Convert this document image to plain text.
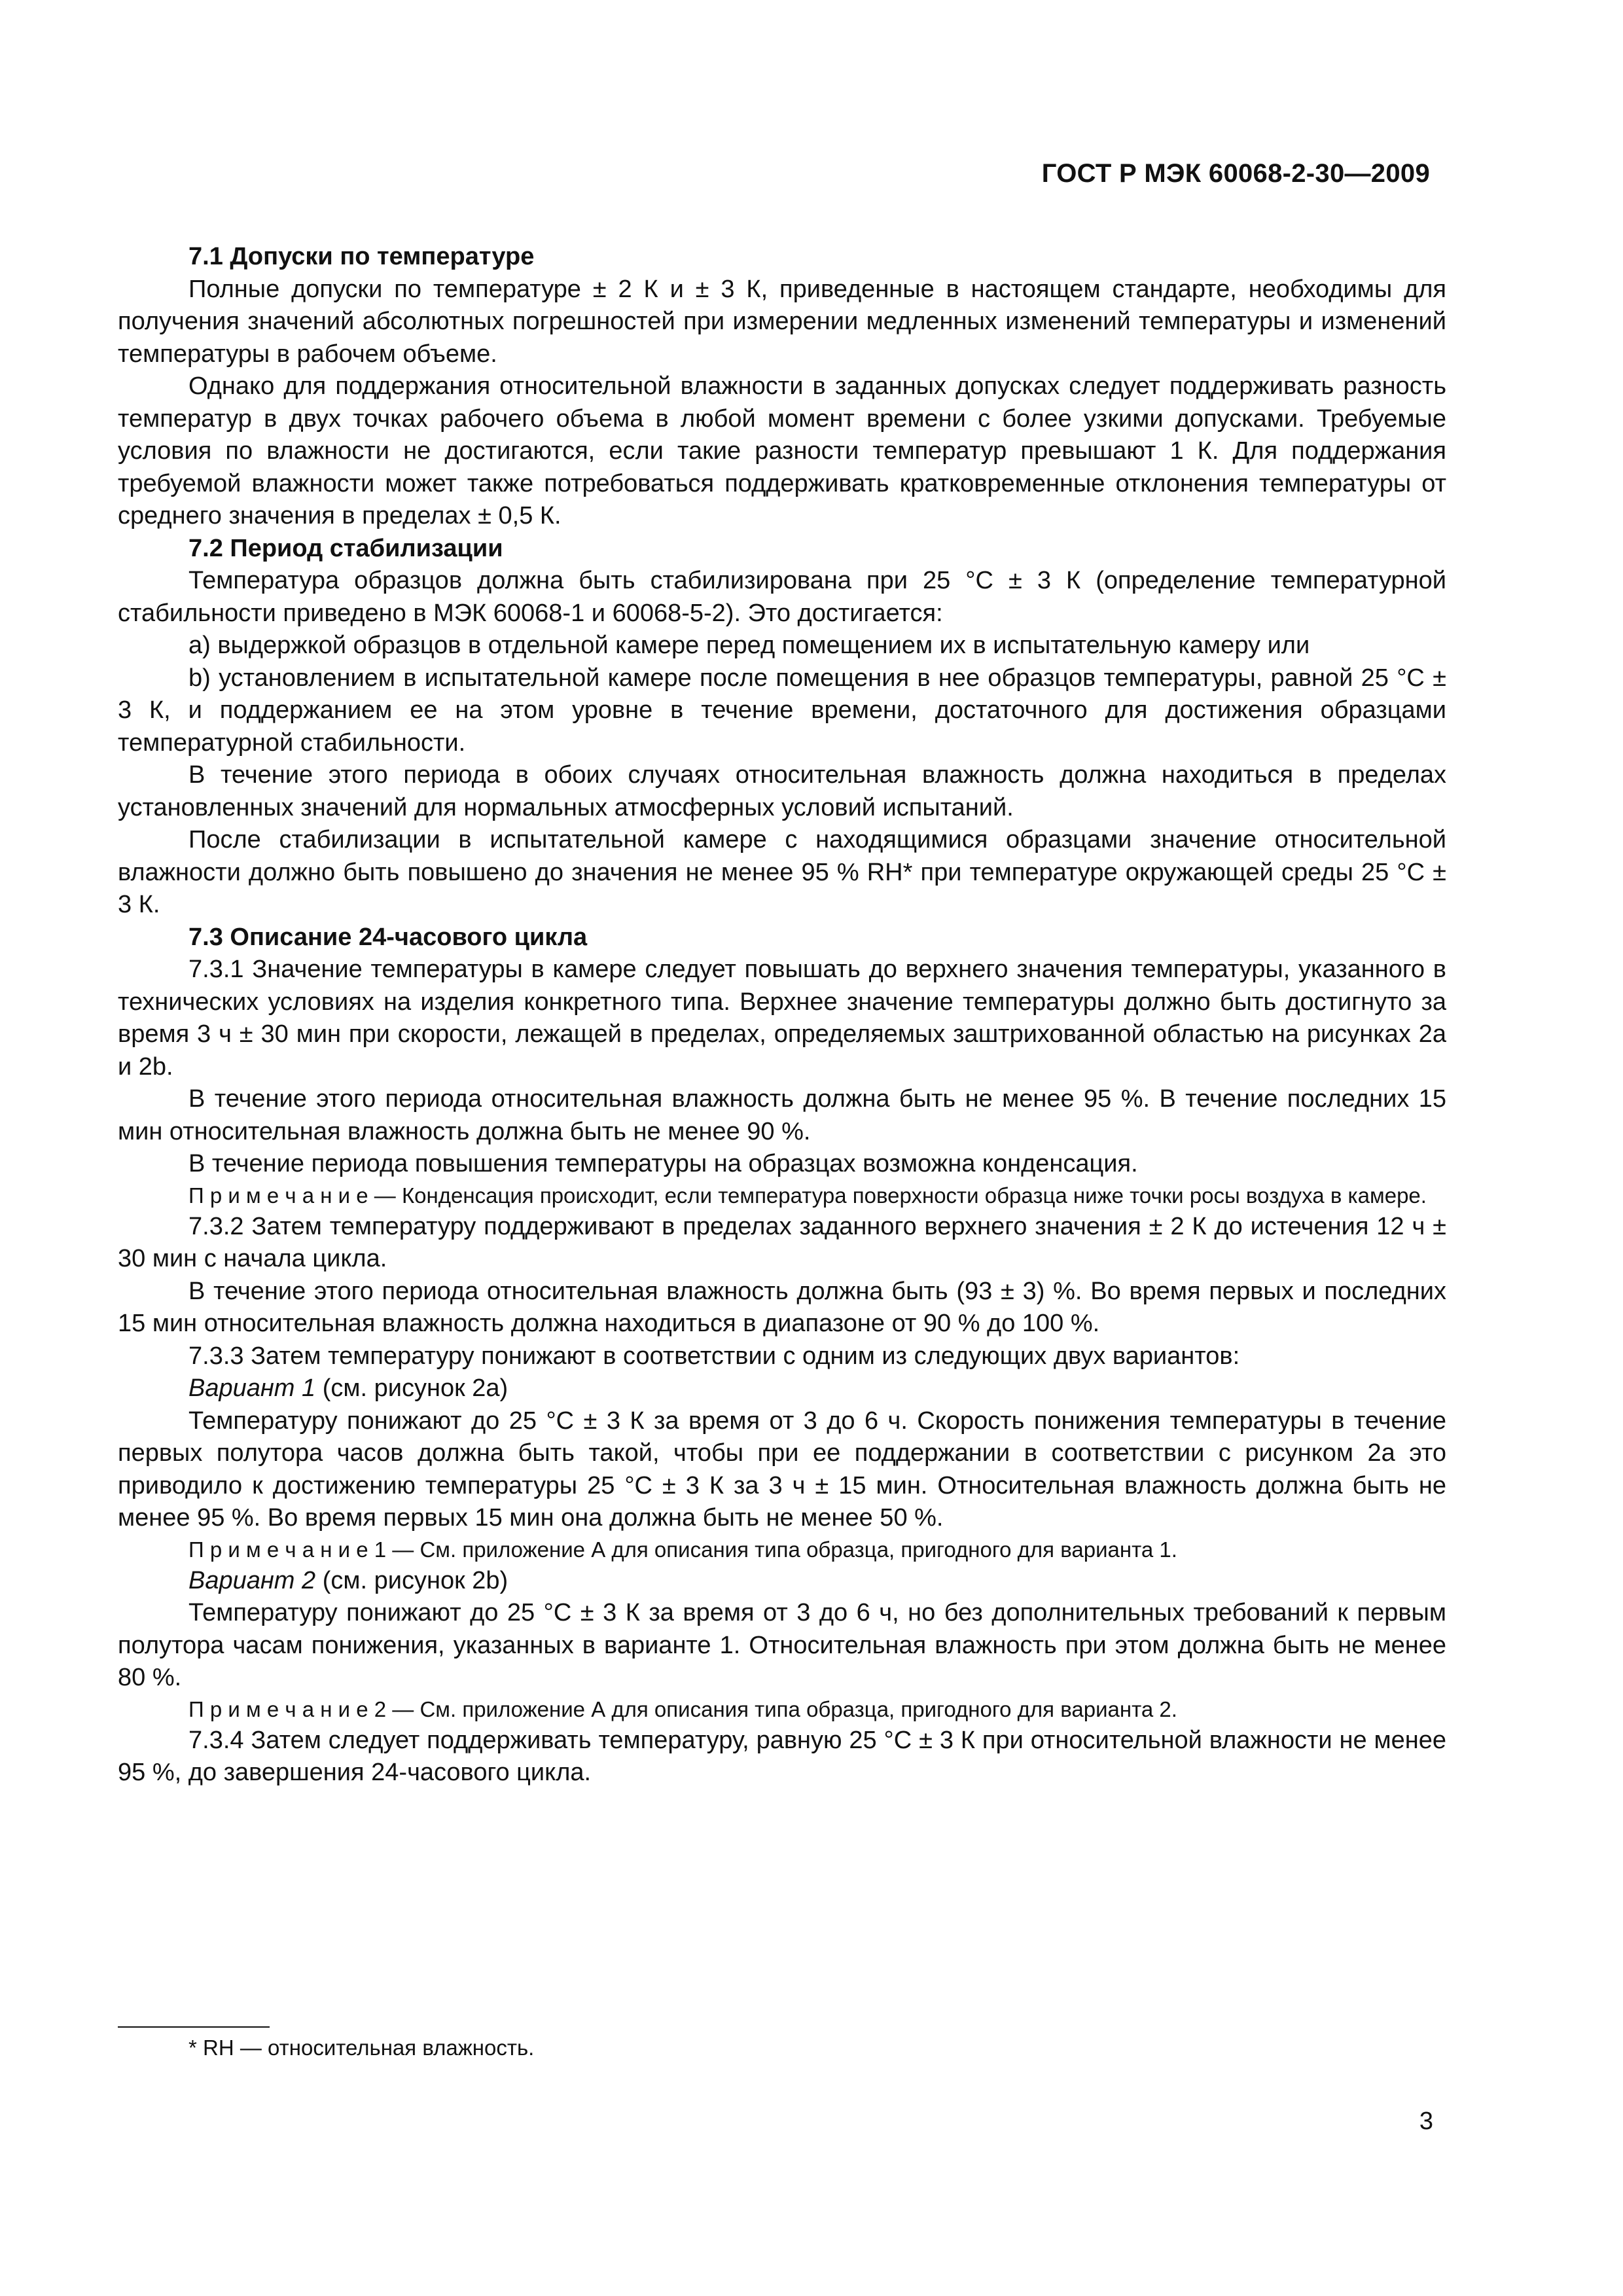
ГОСТ Р МЭК 60068-2-30—2009

7.1 Допуски по температуре

Полные допуски по температуре ± 2 К и ± 3 К, приведенные в настоящем стандарте, необходимы для получения значений абсолютных погрешностей при измерении медленных изменений температуры и изменений температуры в рабочем объеме.

Однако для поддержания относительной влажности в заданных допусках следует поддерживать разность температур в двух точках рабочего объема в любой момент времени с более узкими допусками. Требуемые условия по влажности не достигаются, если такие разности температур превышают 1 К. Для поддержания требуемой влажности может также потребоваться поддерживать кратковременные отклонения температуры от среднего значения в пределах ± 0,5 К.

7.2 Период стабилизации

Температура образцов должна быть стабилизирована при 25 °С ± 3 К (определение температурной стабильности приведено в МЭК 60068-1 и 60068-5-2). Это достигается:

a) выдержкой образцов в отдельной камере перед помещением их в испытательную камеру или

b) установлением в испытательной камере после помещения в нее образцов температуры, равной 25 °С ± 3 К, и поддержанием ее на этом уровне в течение времени, достаточного для достижения образцами температурной стабильности.

В течение этого периода в обоих случаях относительная влажность должна находиться в пределах установленных значений для нормальных атмосферных условий испытаний.

После стабилизации в испытательной камере с находящимися образцами значение относительной влажности должно быть повышено до значения не менее 95 % RH* при температуре окружающей среды 25 °С ± 3 К.

7.3 Описание 24-часового цикла

7.3.1 Значение температуры в камере следует повышать до верхнего значения температуры, указанного в технических условиях на изделия конкретного типа. Верхнее значение температуры должно быть достигнуто за время 3 ч ± 30 мин при скорости, лежащей в пределах, определяемых заштрихованной областью на рисунках 2а и 2b.

В течение этого периода относительная влажность должна быть не менее 95 %. В течение последних 15 мин относительная влажность должна быть не менее 90 %.

В течение периода повышения температуры на образцах возможна конденсация.

П р и м е ч а н и е — Конденсация происходит, если температура поверхности образца ниже точки росы воздуха в камере.

7.3.2 Затем температуру поддерживают в пределах заданного верхнего значения ± 2 К до истечения 12 ч ± 30 мин с начала цикла.

В течение этого периода относительная влажность должна быть (93 ± 3) %. Во время первых и последних 15 мин относительная влажность должна находиться в диапазоне от 90 % до 100 %.

7.3.3 Затем температуру понижают в соответствии с одним из следующих двух вариантов:

Вариант 1 (см. рисунок 2а)

Температуру понижают до 25 °С ± 3 К за время от 3 до 6 ч. Скорость понижения температуры в течение первых полутора часов должна быть такой, чтобы при ее поддержании в соответствии с рисунком 2а это приводило к достижению температуры 25 °С ± 3 К за 3 ч ± 15 мин. Относительная влажность должна быть не менее 95 %. Во время первых 15 мин она должна быть не менее 50 %.

П р и м е ч а н и е 1 — См. приложение А для описания типа образца, пригодного для варианта 1.

Вариант 2 (см. рисунок 2b)

Температуру понижают до 25 °С ± 3 К за время от 3 до 6 ч, но без дополнительных требований к первым полутора часам понижения, указанных в варианте 1. Относительная влажность при этом должна быть не менее 80 %.

П р и м е ч а н и е 2 — См. приложение А для описания типа образца, пригодного для варианта 2.

7.3.4 Затем следует поддерживать температуру, равную 25 °С ± 3 К при относительной влажности не менее 95 %, до завершения 24-часового цикла.

* RH — относительная влажность.
3
